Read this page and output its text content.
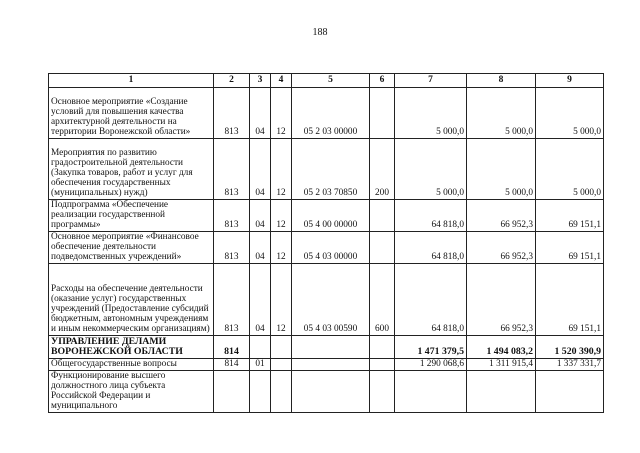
188
1	2	3	4	5	6	7	8	9
Основное мероприятие «Создание условий для повышения качества архитектурной деятельности на территории Воронежской области»	813	04	12	05 2 03 00000		5 000,0	5 000,0	5 000,0
Мероприятия по развитию градостроительной деятельности (Закупка товаров, работ и услуг для обеспечения государственных (муниципальных) нужд)	813	04	12	05 2 03 70850	200	5 000,0	5 000,0	5 000,0
Подпрограмма «Обеспечение реализации государственной программы»	813	04	12	05 4 00 00000		64 818,0	66 952,3	69 151,1
Основное мероприятие «Финансовое обеспечение деятельности подведомственных учреждений»	813	04	12	05 4 03 00000		64 818,0	66 952,3	69 151,1
Расходы на обеспечение деятельности (оказание услуг) государственных учреждений (Предоставление субсидий бюджетным, автономным учреждениям и иным некоммерческим организациям)	813	04	12	05 4 03 00590	600	64 818,0	66 952,3	69 151,1
УПРАВЛЕНИЕ ДЕЛАМИ ВОРОНЕЖСКОЙ ОБЛАСТИ	814					1 471 379,5	1 494 083,2	1 520 390,9
Общегосударственные вопросы	814	01				1 290 068,6	1 311 915,4	1 337 331,7
Функционирование высшего должностного лица субъекта Российской Федерации и муниципального								
